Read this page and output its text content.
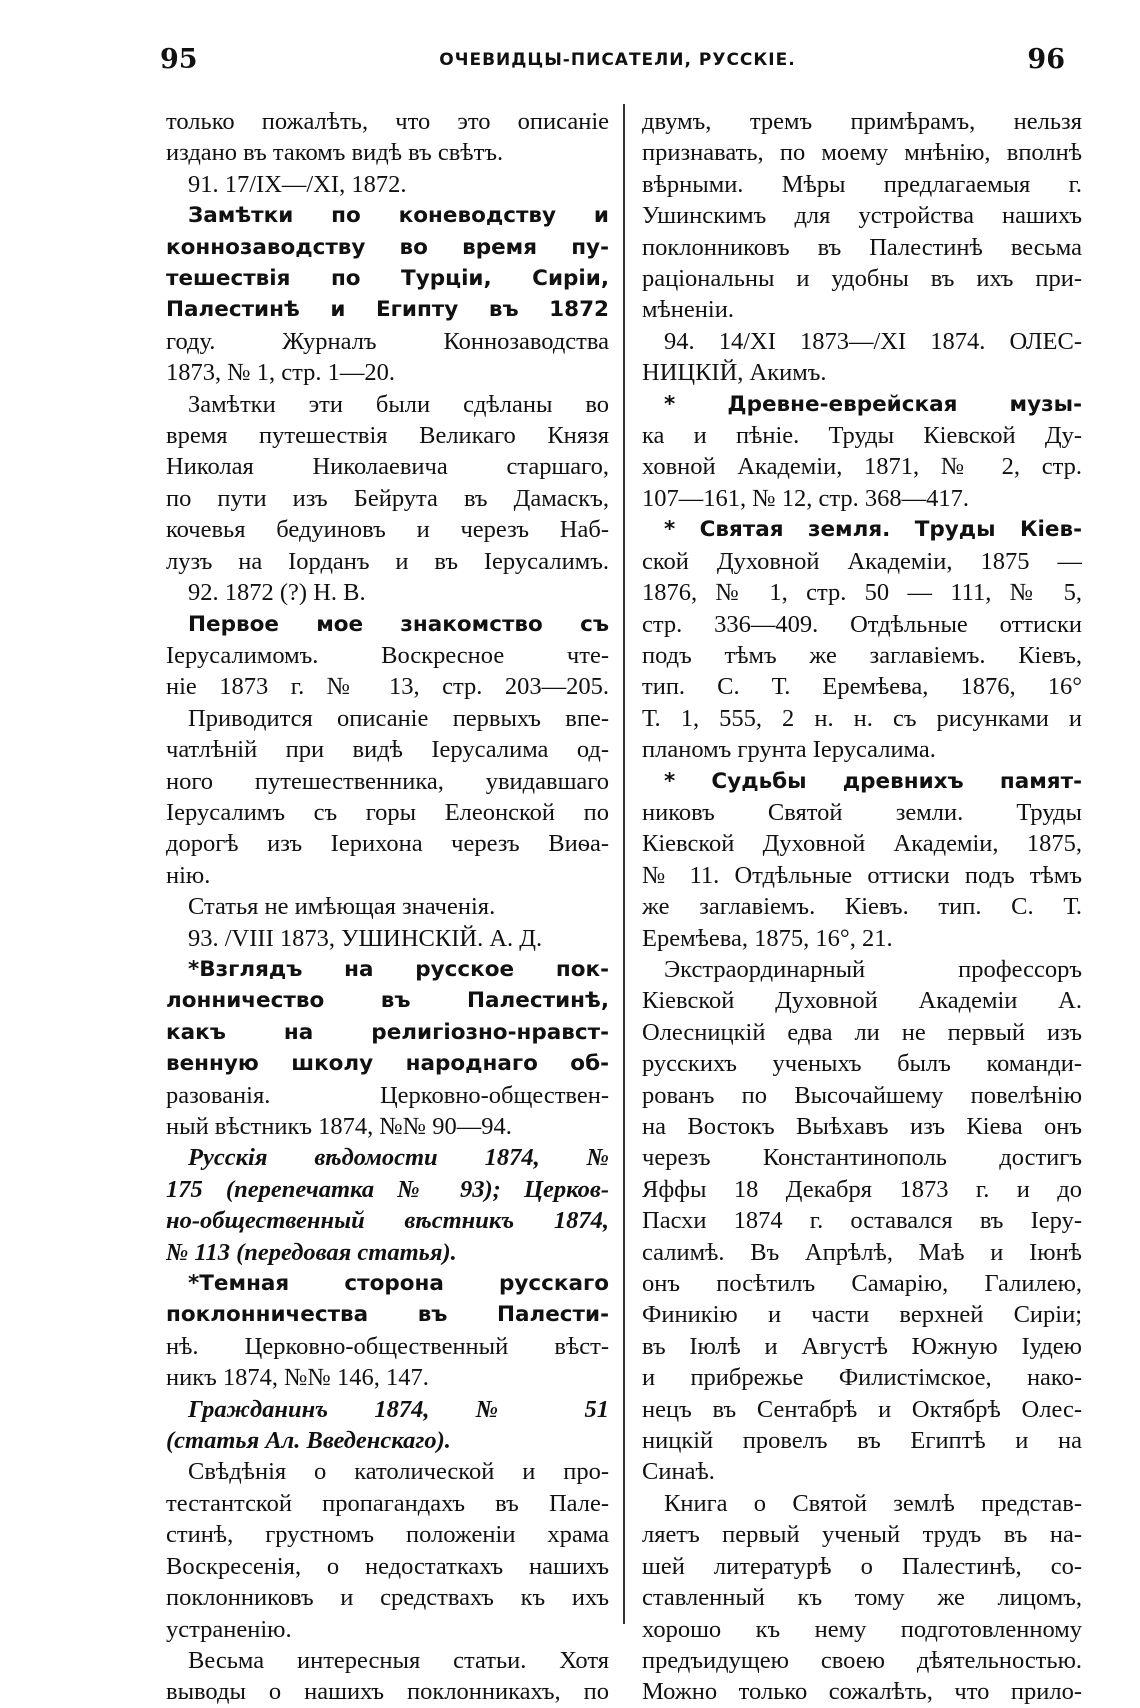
95	ОЧЕВИДЦЫ-ПИСАТЕЛИ, РУССКІЕ.	96
только пожалѣть, что это описаніе
издано въ такомъ видѣ въ свѣтъ.
91. 17/IX—/XI, 1872.
Замѣтки по коневодству и
коннозаводству во время пу-
тешествія по Турціи, Сиріи,
Палестинѣ и Египту въ 1872
году. Журналъ Коннозаводства
1873, № 1, стр. 1—20.
Замѣтки эти были сдѣланы во
время путешествія Великаго Князя
Николая Николаевича старшаго,
по пути изъ Бейрута въ Дамаскъ,
кочевья бедуиновъ и черезъ Наб-
лузъ на Іорданъ и въ Іерусалимъ.
92. 1872 (?) Н. В.
Первое мое знакомство съ
Іерусалимомъ. Воскресное чте-
ніе 1873 г. № 13, стр. 203—205.
Приводится описаніе первыхъ впе-
чатлѣній при видѣ Іерусалима од-
ного путешественника, увидавшаго
Іерусалимъ съ горы Елеонской по
дорогѣ изъ Іерихона черезъ Виѳа-
нію.
Статья не имѣющая значенія.
93. /VIII 1873, УШИНСКІЙ. А. Д.
*Взглядъ на русское пок-
лонничество въ Палестинѣ,
какъ на религіозно-нравст-
венную школу народнаго об-
разованія. Церковно-обществен-
ный вѣстникъ 1874, №№ 90—94.
Русскія вѣдомости 1874, №
175 (перепечатка № 93); Церков-
но-общественный вѣстникъ 1874,
№ 113 (передовая статья).
*Темная сторона русскаго
поклонничества въ Палести-
нѣ. Церковно-общественный вѣст-
никъ 1874, №№ 146, 147.
Гражданинъ 1874, № 51
(статья Ал. Введенскаго).
Свѣдѣнія о католической и про-
тестантской пропагандахъ въ Пале-
стинѣ, грустномъ положеніи храма
Воскресенія, о недостаткахъ нашихъ
поклонниковъ и средствахъ къ ихъ
устраненію.
Весьма интересныя статьи. Хотя
выводы о нашихъ поклонникахъ, по
двумъ, тремъ примѣрамъ, нельзя
признавать, по моему мнѣнію, вполнѣ
вѣрными. Мѣры предлагаемыя г.
Ушинскимъ для устройства нашихъ
поклонниковъ въ Палестинѣ весьма
раціональны и удобны въ ихъ при-
мѣненіи.
94. 14/XI 1873—/XI 1874. ОЛЕС-
НИЦКІЙ, Акимъ.
* Древне-еврейская музы-
ка и пѣніе. Труды Кіевской Ду-
ховной Академіи, 1871, № 2, стр.
107—161, № 12, стр. 368—417.
* Святая земля. Труды Кіев-
ской Духовной Академіи, 1875 —
1876, № 1, стр. 50 — 111, № 5,
стр. 336—409. Отдѣльные оттиски
подъ тѣмъ же заглавіемъ. Кіевъ,
тип. С. Т. Еремѣева, 1876, 16°
Т. 1, 555, 2 н. н. съ рисунками и
планомъ грунта Іерусалима.
* Судьбы древнихъ памят-
никовъ Святой земли. Труды
Кіевской Духовной Академіи, 1875,
№ 11. Отдѣльные оттиски подъ тѣмъ
же заглавіемъ. Кіевъ. тип. С. Т.
Еремѣева, 1875, 16°, 21.
Экстраординарный профессоръ
Кіевской Духовной Академіи А.
Олесницкій едва ли не первый изъ
русскихъ ученыхъ былъ команди-
рованъ по Высочайшему повелѣнію
на Востокъ Выѣхавъ изъ Кіева онъ
черезъ Константинополь достигъ
Яффы 18 Декабря 1873 г. и до
Пасхи 1874 г. оставался въ Іеру-
салимѣ. Въ Апрѣлѣ, Маѣ и Іюнѣ
онъ посѣтилъ Самарію, Галилею,
Финикію и части верхней Сиріи;
въ Іюлѣ и Августѣ Южную Іудею
и прибрежье Филистімское, нако-
нецъ въ Сентабрѣ и Октябрѣ Олес-
ницкій провелъ въ Египтѣ и на
Синаѣ.
Книга о Святой землѣ представ-
ляетъ первый ученый трудъ въ на-
шей литературѣ о Палестинѣ, со-
ставленный къ тому же лицомъ,
хорошо къ нему подготовленному
предъидущею своею дѣятельностью.
Можно только сожалѣть, что прило-
